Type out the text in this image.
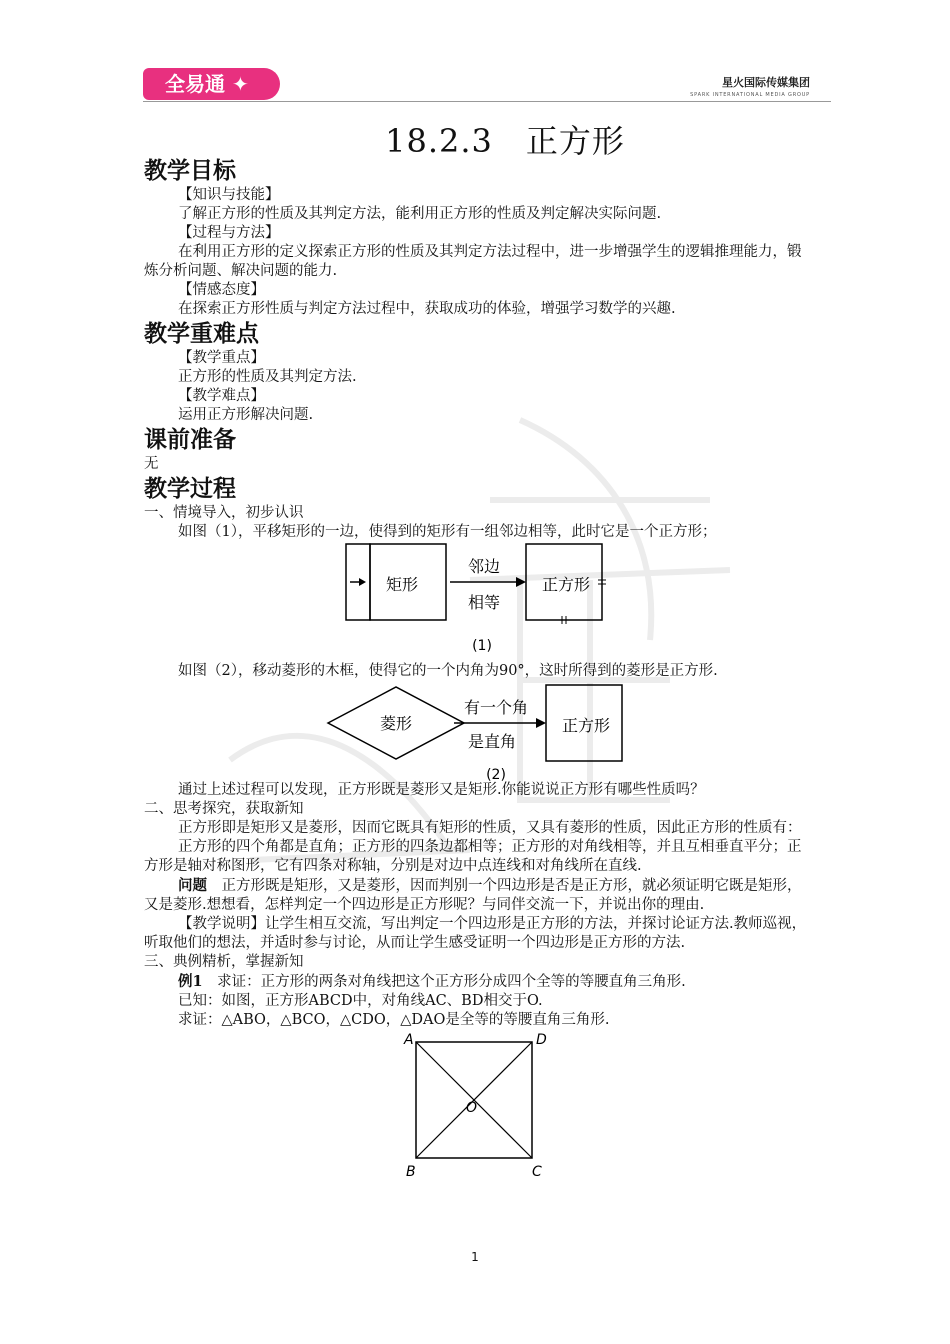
全易通 ✦	星火国际传媒集团
SPARK INTERNATIONAL MEDIA GROUP
18.2.3　正方形
教学目标

【知识与技能】

了解正方形的性质及其判定方法，能利用正方形的性质及判定解决实际问题.

【过程与方法】

在利用正方形的定义探索正方形的性质及其判定方法过程中，进一步增强学生的逻辑推理能力，锻炼分析问题、解决问题的能力.

【情感态度】

在探索正方形性质与判定方法过程中，获取成功的体验，增强学习数学的兴趣.

教学重难点

【教学重点】

正方形的性质及其判定方法.

【教学难点】

运用正方形解决问题.

课前准备

无

教学过程

一、情境导入，初步认识

如图（1），平移矩形的一边，使得到的矩形有一组邻边相等，此时它是一个正方形；

矩形
邻边
相等
正方形
(1)

如图（2），移动菱形的木框，使得它的一个内角为90°，这时所得到的菱形是正方形.

菱形
有一个角
是直角
正方形
(2)

通过上述过程可以发现，正方形既是菱形又是矩形.你能说说正方形有哪些性质吗？

二、思考探究，获取新知

正方形即是矩形又是菱形，因而它既具有矩形的性质，又具有菱形的性质，因此正方形的性质有：

正方形的四个角都是直角；正方形的四条边都相等；正方形的对角线相等，并且互相垂直平分；正方形是轴对称图形，它有四条对称轴，分别是对边中点连线和对角线所在直线.

问题　正方形既是矩形，又是菱形，因而判别一个四边形是否是正方形，就必须证明它既是矩形，又是菱形.想想看，怎样判定一个四边形是正方形呢？与同伴交流一下，并说出你的理由.

【教学说明】让学生相互交流，写出判定一个四边形是正方形的方法，并探讨论证方法.教师巡视，听取他们的想法，并适时参与讨论，从而让学生感受证明一个四边形是正方形的方法.

三、典例精析，掌握新知

例1　求证：正方形的两条对角线把这个正方形分成四个全等的等腰直角三角形.

已知：如图，正方形ABCD中，对角线AC、BD相交于O.

求证：△ABO，△BCO，△CDO，△DAO是全等的等腰直角三角形.

A	D
B	C
O
1
